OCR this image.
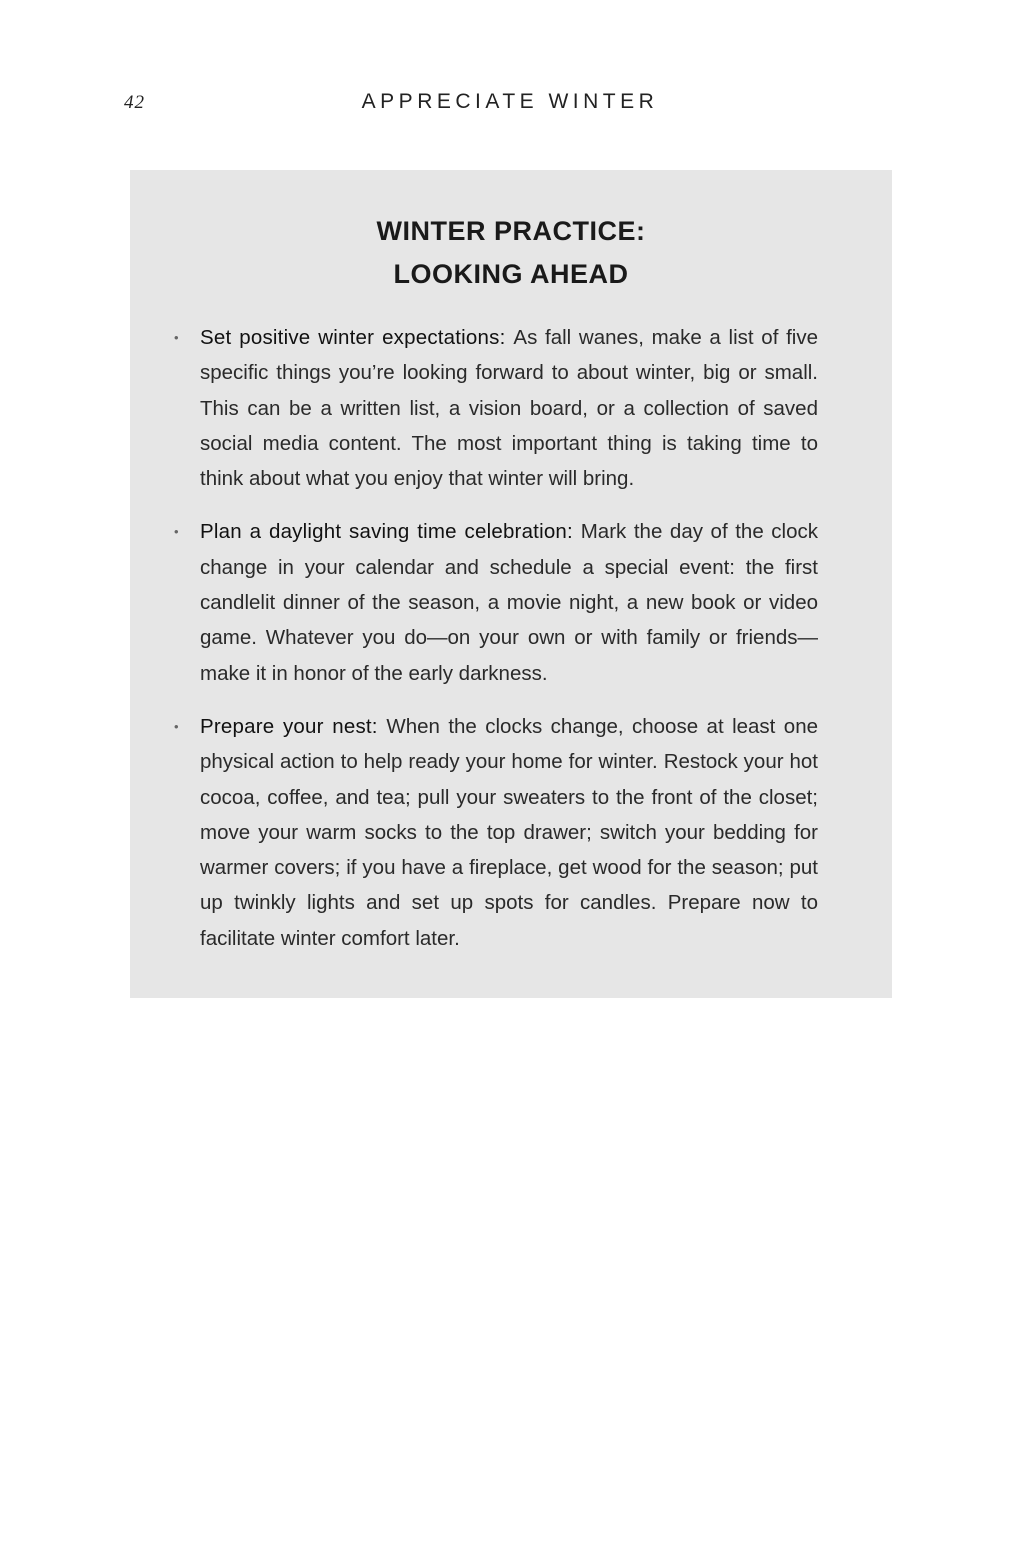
42	APPRECIATE WINTER
WINTER PRACTICE:
LOOKING AHEAD
• Set positive winter expectations: As fall wanes, make a list of five specific things you’re looking forward to about winter, big or small. This can be a written list, a vision board, or a collection of saved social media content. The most important thing is taking time to think about what you enjoy that winter will bring.
• Plan a daylight saving time celebration: Mark the day of the clock change in your calendar and schedule a special event: the first candlelit dinner of the season, a movie night, a new book or video game. Whatever you do—on your own or with family or friends—make it in honor of the early darkness.
• Prepare your nest: When the clocks change, choose at least one physical action to help ready your home for winter. Restock your hot cocoa, coffee, and tea; pull your sweaters to the front of the closet; move your warm socks to the top drawer; switch your bedding for warmer covers; if you have a fireplace, get wood for the season; put up twinkly lights and set up spots for candles. Prepare now to facilitate winter comfort later.
